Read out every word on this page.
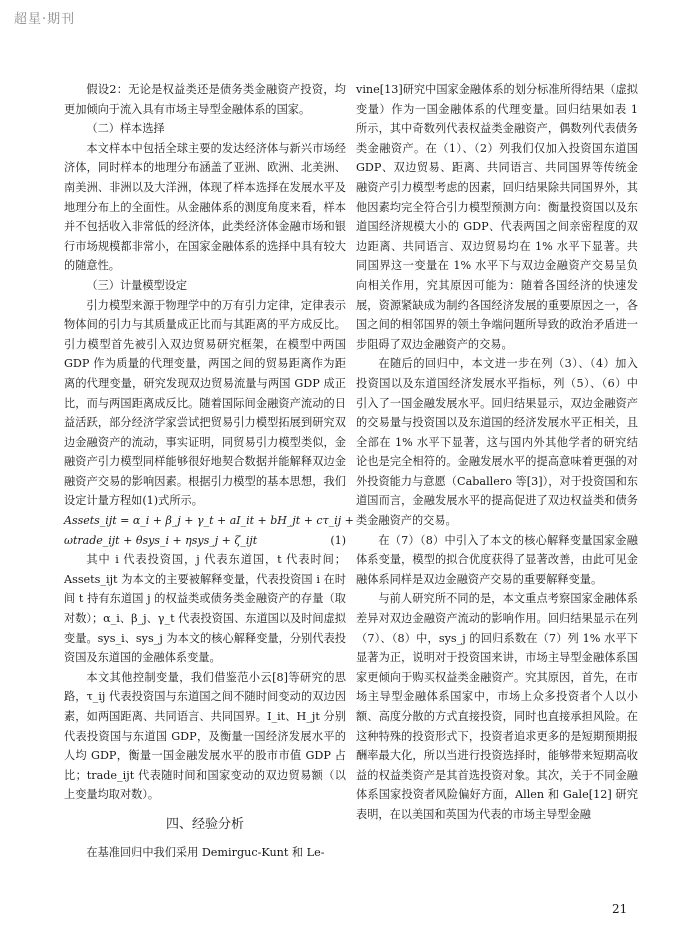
超星·期刊

假设2：无论是权益类还是债务类金融资产投资，均更加倾向于流入具有市场主导型金融体系的国家。

（二）样本选择

本文样本中包括全球主要的发达经济体与新兴市场经济体，同时样本的地理分布涵盖了亚洲、欧洲、北美洲、南美洲、非洲以及大洋洲，体现了样本选择在发展水平及地理分布上的全面性。从金融体系的测度角度来看，样本并不包括收入非常低的经济体，此类经济体金融市场和银行市场规模都非常小，在国家金融体系的选择中具有较大的随意性。

（三）计量模型设定

引力模型来源于物理学中的万有引力定律，定律表示物体间的引力与其质量成正比而与其距离的平方成反比。引力模型首先被引入双边贸易研究框架，在模型中两国 GDP 作为质量的代理变量，两国之间的贸易距离作为距离的代理变量，研究发现双边贸易流量与两国 GDP 成正比，而与两国距离成反比。随着国际间金融资产流动的日益活跃，部分经济学家尝试把贸易引力模型拓展到研究双边金融资产的流动，事实证明，同贸易引力模型类似，金融资产引力模型同样能够很好地契合数据并能解释双边金融资产交易的影响因素。根据引力模型的基本思想，我们设定计量方程如(1)式所示。

Assets_ijt = α_i + β_j + γ_t + aI_it + bH_jt + cτ_ij +
ωtrade_ijt + θsys_i + ηsys_j + ζ_ijt	(1)

其中 i 代表投资国，j 代表东道国，t 代表时间；Assets_ijt 为本文的主要被解释变量，代表投资国 i 在时间 t 持有东道国 j 的权益类或债务类金融资产的存量（取对数）；α_i、β_j、γ_t 代表投资国、东道国以及时间虚拟变量。sys_i、sys_j 为本文的核心解释变量，分别代表投资国及东道国的金融体系变量。

本文其他控制变量，我们借鉴范小云[8]等研究的思路，τ_ij 代表投资国与东道国之间不随时间变动的双边因素，如两国距离、共同语言、共同国界。I_it、H_jt 分别代表投资国与东道国 GDP，及衡量一国经济发展水平的人均 GDP，衡量一国金融发展水平的股市市值 GDP 占比；trade_ijt 代表随时间和国家变动的双边贸易额（以上变量均取对数）。

四、经验分析

在基准回归中我们采用 Demirguc-Kunt 和 Le-

vine[13]研究中国家金融体系的划分标准所得结果（虚拟变量）作为一国金融体系的代理变量。回归结果如表 1 所示，其中奇数列代表权益类金融资产，偶数列代表债务类金融资产。在（1）、（2）列我们仅加入投资国东道国 GDP、双边贸易、距离、共同语言、共同国界等传统金融资产引力模型考虑的因素，回归结果除共同国界外，其他因素均完全符合引力模型预测方向：衡量投资国以及东道国经济规模大小的 GDP、代表两国之间亲密程度的双边距离、共同语言、双边贸易均在 1% 水平下显著。共同国界这一变量在 1% 水平下与双边金融资产交易呈负向相关作用，究其原因可能为：随着各国经济的快速发展，资源紧缺成为制约各国经济发展的重要原因之一，各国之间的相邻国界的领土争端问题所导致的政治矛盾进一步阻碍了双边金融资产的交易。

在随后的回归中，本文进一步在列（3）、（4）加入投资国以及东道国经济发展水平指标，列（5）、（6）中引入了一国金融发展水平。回归结果显示，双边金融资产的交易量与投资国以及东道国的经济发展水平正相关，且全部在 1% 水平下显著，这与国内外其他学者的研究结论也是完全相符的。金融发展水平的提高意味着更强的对外投资能力与意愿（Caballero 等[3]），对于投资国和东道国而言，金融发展水平的提高促进了双边权益类和债务类金融资产的交易。

在（7）（8）中引入了本文的核心解释变量国家金融体系变量，模型的拟合优度获得了显著改善，由此可见金融体系同样是双边金融资产交易的重要解释变量。

与前人研究所不同的是，本文重点考察国家金融体系差异对双边金融资产流动的影响作用。回归结果显示在列（7）、（8）中，sys_j 的回归系数在（7）列 1% 水平下显著为正，说明对于投资国来讲，市场主导型金融体系国家更倾向于购买权益类金融资产。究其原因，首先，在市场主导型金融体系国家中，市场上众多投资者个人以小额、高度分散的方式直接投资，同时也直接承担风险。在这种特殊的投资形式下，投资者追求更多的是短期预期报酬率最大化，所以当进行投资选择时，能够带来短期高收益的权益类资产是其首选投资对象。其次，关于不同金融体系国家投资者风险偏好方面，Allen 和 Gale[12] 研究表明，在以美国和英国为代表的市场主导型金融

21
